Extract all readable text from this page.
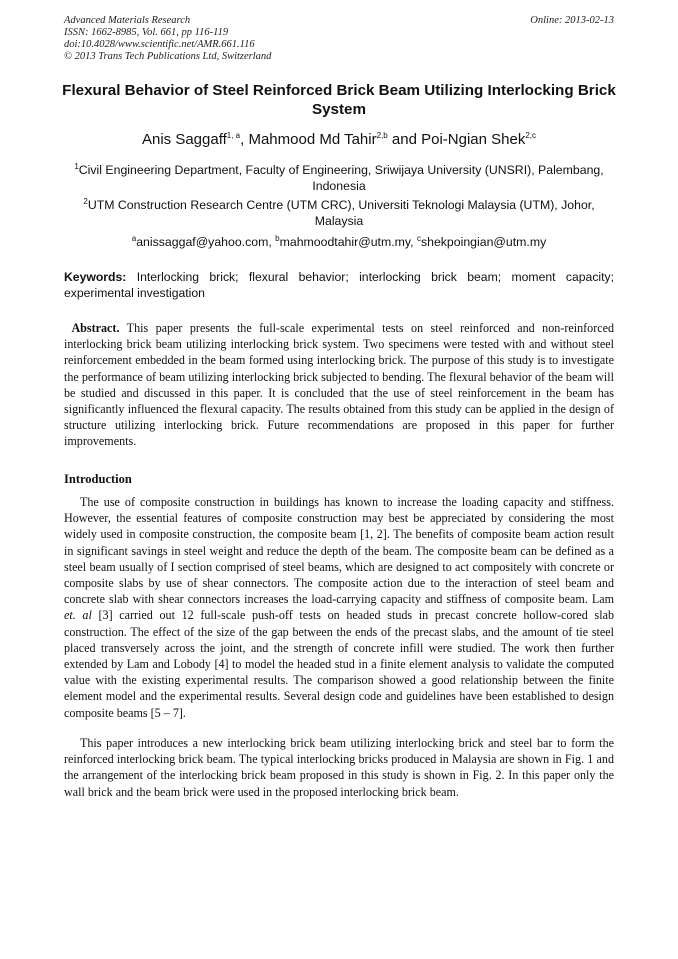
Advanced Materials Research
ISSN: 1662-8985, Vol. 661, pp 116-119
doi:10.4028/www.scientific.net/AMR.661.116
© 2013 Trans Tech Publications Ltd, Switzerland
Online: 2013-02-13
Flexural Behavior of Steel Reinforced Brick Beam Utilizing Interlocking Brick System
Anis Saggaff$^{1, a}$, Mahmood Md Tahir$^{2,b}$ and Poi-Ngian Shek$^{2,c}$
$^1$Civil Engineering Department, Faculty of Engineering, Sriwijaya University (UNSRI), Palembang, Indonesia
$^2$UTM Construction Research Centre (UTM CRC), Universiti Teknologi Malaysia (UTM), Johor, Malaysia
$^a$anissaggaf@yahoo.com, $^b$mahmoodtahir@utm.my, $^c$shekpoingian@utm.my

Keywords: Interlocking brick; flexural behavior; interlocking brick beam; moment capacity; experimental investigation

Abstract. This paper presents the full-scale experimental tests on steel reinforced and non-reinforced interlocking brick beam utilizing interlocking brick system. Two specimens were tested with and without steel reinforcement embedded in the beam formed using interlocking brick. The purpose of this study is to investigate the performance of beam utilizing interlocking brick subjected to bending. The flexural behavior of the beam will be studied and discussed in this paper. It is concluded that the use of steel reinforcement in the beam has significantly influenced the flexural capacity. The results obtained from this study can be applied in the design of structure utilizing interlocking brick. Future recommendations are proposed in this paper for further improvements.

Introduction

The use of composite construction in buildings has known to increase the loading capacity and stiffness. However, the essential features of composite construction may best be appreciated by considering the most widely used in composite construction, the composite beam [1, 2]. The benefits of composite beam action result in significant savings in steel weight and reduce the depth of the beam. The composite beam can be defined as a steel beam usually of I section comprised of steel beams, which are designed to act compositely with concrete or composite slabs by use of shear connectors. The composite action due to the interaction of steel beam and concrete slab with shear connectors increases the load-carrying capacity and stiffness of composite beam. Lam et. al [3] carried out 12 full-scale push-off tests on headed studs in precast concrete hollow-cored slab construction. The effect of the size of the gap between the ends of the precast slabs, and the amount of tie steel placed transversely across the joint, and the strength of concrete infill were studied. The work then further extended by Lam and Lobody [4] to model the headed stud in a finite element analysis to validate the computed value with the existing experimental results. The comparison showed a good relationship between the finite element model and the experimental results. Several design code and guidelines have been established to design composite beams [5 – 7].

This paper introduces a new interlocking brick beam utilizing interlocking brick and steel bar to form the reinforced interlocking brick beam. The typical interlocking bricks produced in Malaysia are shown in Fig. 1 and the arrangement of the interlocking brick beam proposed in this study is shown in Fig. 2. In this paper only the wall brick and the beam brick were used in the proposed interlocking brick beam.
